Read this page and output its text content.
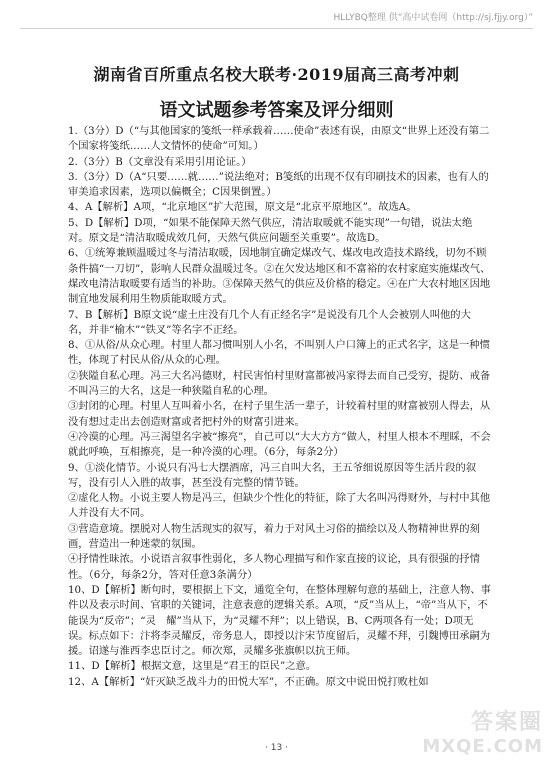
HLLYBQ整理 供“高中试卷网（http://sj.fjjy.org）”
湖南省百所重点名校大联考·2019届高三高考冲刺
语文试题参考答案及评分细则

1.（3分）D（“与其他国家的笺纸一样承载着……使命”表述有误，由原文“世界上还没有第二个国家将笺纸……人文情怀的使命”可知。）

2.（3分）B（文章没有采用引用论证。）

3.（3分）D（A“只要……就……”说法绝对；B笺纸的出现不仅有印刷技术的因素，也有人的审美追求因素，选项以偏概全；C因果倒置。）

4、A【解析】A项，“北京地区”扩大范围，原文是“北京平原地区”。故选A。

5、D【解析】D项，“如果不能保障天然气供应，清洁取暖就不能实现”一句错，说法太绝对。原文是“清洁取暖成效几何，天然气供应问题至关重要”。故选D。

6、①统筹兼顾温暖过冬与清洁取暖，因地制宜确定煤改气、煤改电改造技术路线，切勿不顾条件搞“一刀切”，影响人民群众温暖过冬。②在欠发达地区和不富裕的农村家庭实施煤改气、煤改电清洁取暖要有适当的补助。③保障天然气的供应及价格的稳定。④在广大农村地区因地制宜地发展利用生物质能取暖方式。

7、B【解析】B原文说“虚土庄没有几个人有正经名字”是说没有几个人会被别人叫他的大名，并非“榆木”“铁叉”等名字不正经。

8、①从俗/从众心理。村里人都习惯叫别人小名，不叫别人户口簿上的正式名字，这是一种惯性，体现了村民从俗/从众的心理。

②狭隘自私心理。冯三大名冯德财，村民害怕村里财富都被冯家得去而自己受穷，提防、戒备不叫冯三的大名，这是一种狭隘自私的心理。

③封闭的心理。村里人互叫着小名，在村子里生活一辈子，计较着村里的财富被别人得去，从没有想过走出去创造财富或者把村外的财富引进来。

④冷漠的心理。冯三渴望名字被“擦亮”，自己可以“大大方方”做人，村里人根本不理睬，不会就此呼唤，互相擦亮，是一种冷漠的心理。（6分，每条2分）

9、①淡化情节。小说只有冯七大摆酒席，冯三自叫大名，王五爷细说原因等生活片段的叙写，没有引人入胜的故事，甚至没有完整的情节链。

②虚化人物。小说主要人物是冯三，但缺少个性化的特征，除了大名叫冯得财外，与村中其他人并没有大不同。

③营造意境。摆脱对人物生活现实的叙写，着力于对风土习俗的描绘以及人物精神世界的刻画，营造出一种迷蒙的氛围。

④抒情性昧浓。小说语言叙事性弱化，多人物心理描写和作家直接的议论，具有很强的抒情性。（6分，每条2分，答对任意3条满分）

10、D【解析】断句时，要根据上下文，通览全句，在整体理解句意的基础上，注意人物、事件以及表示时间、官职的关键词，注意表意的逻辑关系。A项，“反”当从上，“帝”当从下，不能误为“反帝”；“灵　耀”当从下，为“灵耀不拜”；以上错误，B、C两项各有一处；D项无误。标点如下：汴将李灵耀反，帝务息人，即授以汴宋节度留后，灵耀不拜，引魏博田承嗣为援。诏遂与淮西李忠臣讨之。师次郑，灵耀多张旗帜以抗王师。

11、D【解析】根据文意，这里是“君王的臣民”之意。

12、A【解析】“奸灭缺乏战斗力的田悦大军”，不正确。原文中说田悦打败杜如

· 13 ·
答案圈
MXQE.COM
